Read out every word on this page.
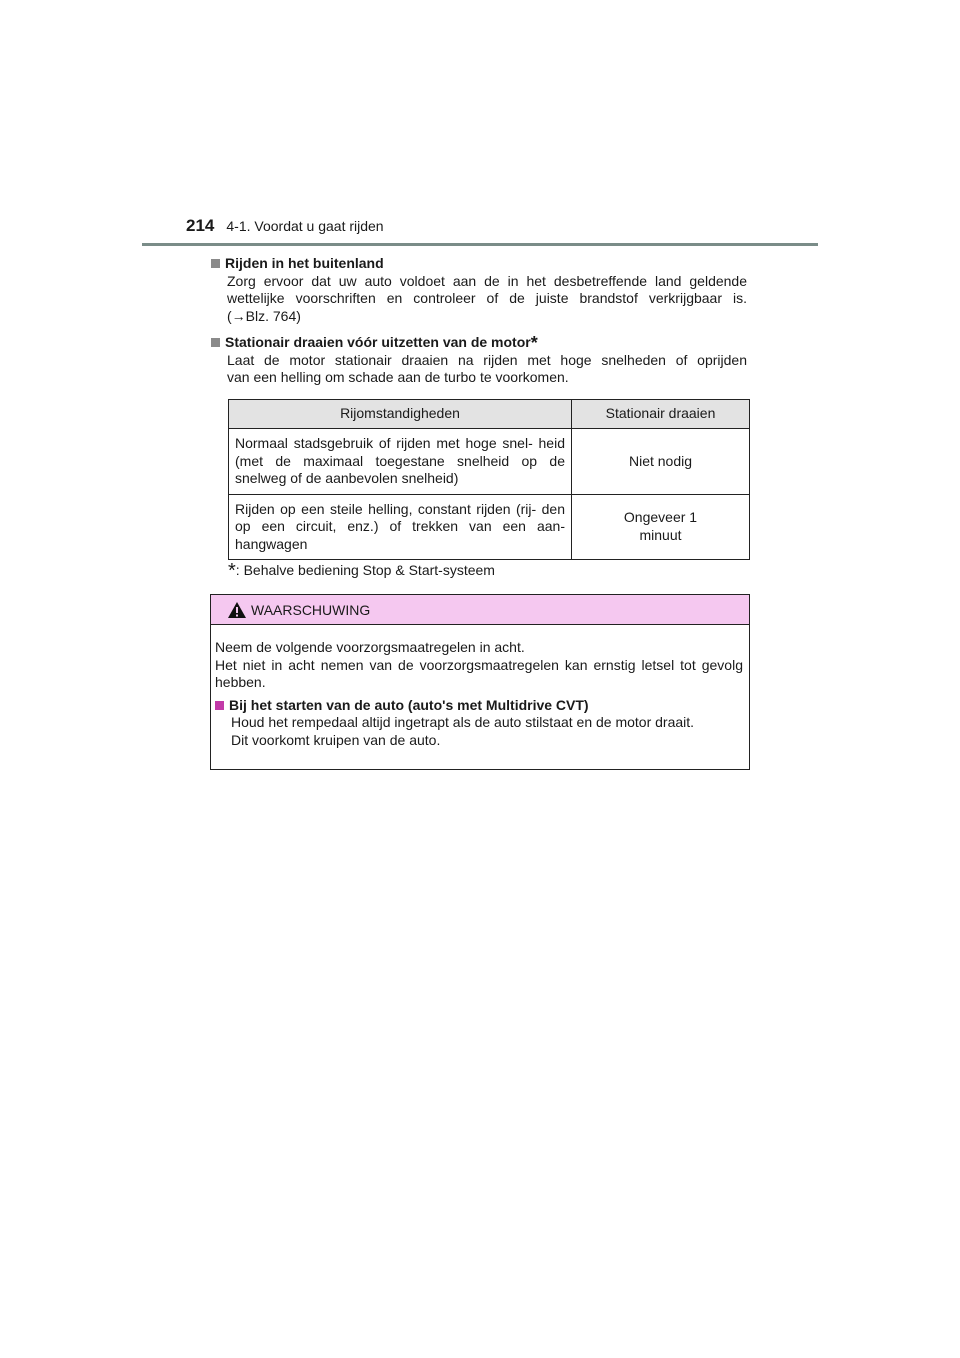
214 4-1. Voordat u gaat rijden
Rijden in het buitenland
Zorg ervoor dat uw auto voldoet aan de in het desbetreffende land geldende
wettelijke voorschriften en controleer of de juiste brandstof verkrijgbaar is.
(→Blz. 764)
Stationair draaien vóór uitzetten van de motor *
Laat de motor stationair draaien na rijden met hoge snelheden of oprijden
van een helling om schade aan de turbo te voorkomen.
Rijomstandigheden	Stationair draaien
Normaal stadsgebruik of rijden met hoge snel- heid (met de maximaal toegestane snelheid op de snelweg of de aanbevolen snelheid)	Niet nodig
Rijden op een steile helling, constant rijden (rij- den op een circuit, enz.) of trekken van een aan- hangwagen	Ongeveer 1 minuut
*: Behalve bediening Stop & Start-systeem
WAARSCHUWING
Neem de volgende voorzorgsmaatregelen in acht.
Het niet in acht nemen van de voorzorgsmaatregelen kan ernstig letsel tot gevolg hebben.
Bij het starten van de auto (auto's met Multidrive CVT)
Houd het rempedaal altijd ingetrapt als de auto stilstaat en de motor draait.
Dit voorkomt kruipen van de auto.
